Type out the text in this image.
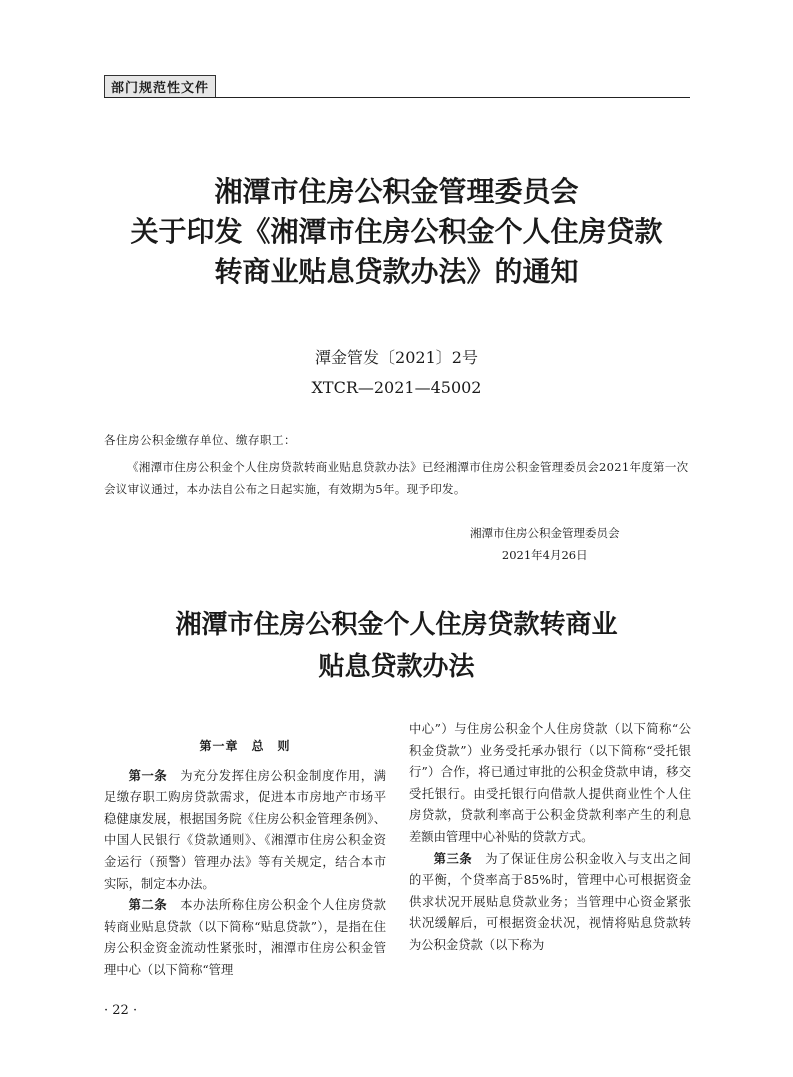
部门规范性文件
湘潭市住房公积金管理委员会
关于印发《湘潭市住房公积金个人住房贷款
转商业贴息贷款办法》的通知
潭金管发〔2021〕2号
XTCR—2021—45002
各住房公积金缴存单位、缴存职工：
《湘潭市住房公积金个人住房贷款转商业贴息贷款办法》已经湘潭市住房公积金管理委员会2021年度第一次会议审议通过，本办法自公布之日起实施，有效期为5年。现予印发。
湘潭市住房公积金管理委员会
2021年4月26日
湘潭市住房公积金个人住房贷款转商业
贴息贷款办法
第一章　总　则

第一条　为充分发挥住房公积金制度作用，满足缴存职工购房贷款需求，促进本市房地产市场平稳健康发展，根据国务院《住房公积金管理条例》、中国人民银行《贷款通则》、《湘潭市住房公积金资金运行（预警）管理办法》等有关规定，结合本市实际，制定本办法。

第二条　本办法所称住房公积金个人住房贷款转商业贴息贷款（以下简称“贴息贷款”），是指在住房公积金资金流动性紧张时，湘潭市住房公积金管理中心（以下简称“管理

中心”）与住房公积金个人住房贷款（以下简称“公积金贷款”）业务受托承办银行（以下简称“受托银行”）合作，将已通过审批的公积金贷款申请，移交受托银行。由受托银行向借款人提供商业性个人住房贷款，贷款利率高于公积金贷款利率产生的利息差额由管理中心补贴的贷款方式。

第三条　为了保证住房公积金收入与支出之间的平衡，个贷率高于85%时，管理中心可根据资金供求状况开展贴息贷款业务；当管理中心资金紧张状况缓解后，可根据资金状况，视情将贴息贷款转为公积金贷款（以下称为

· 22 ·
